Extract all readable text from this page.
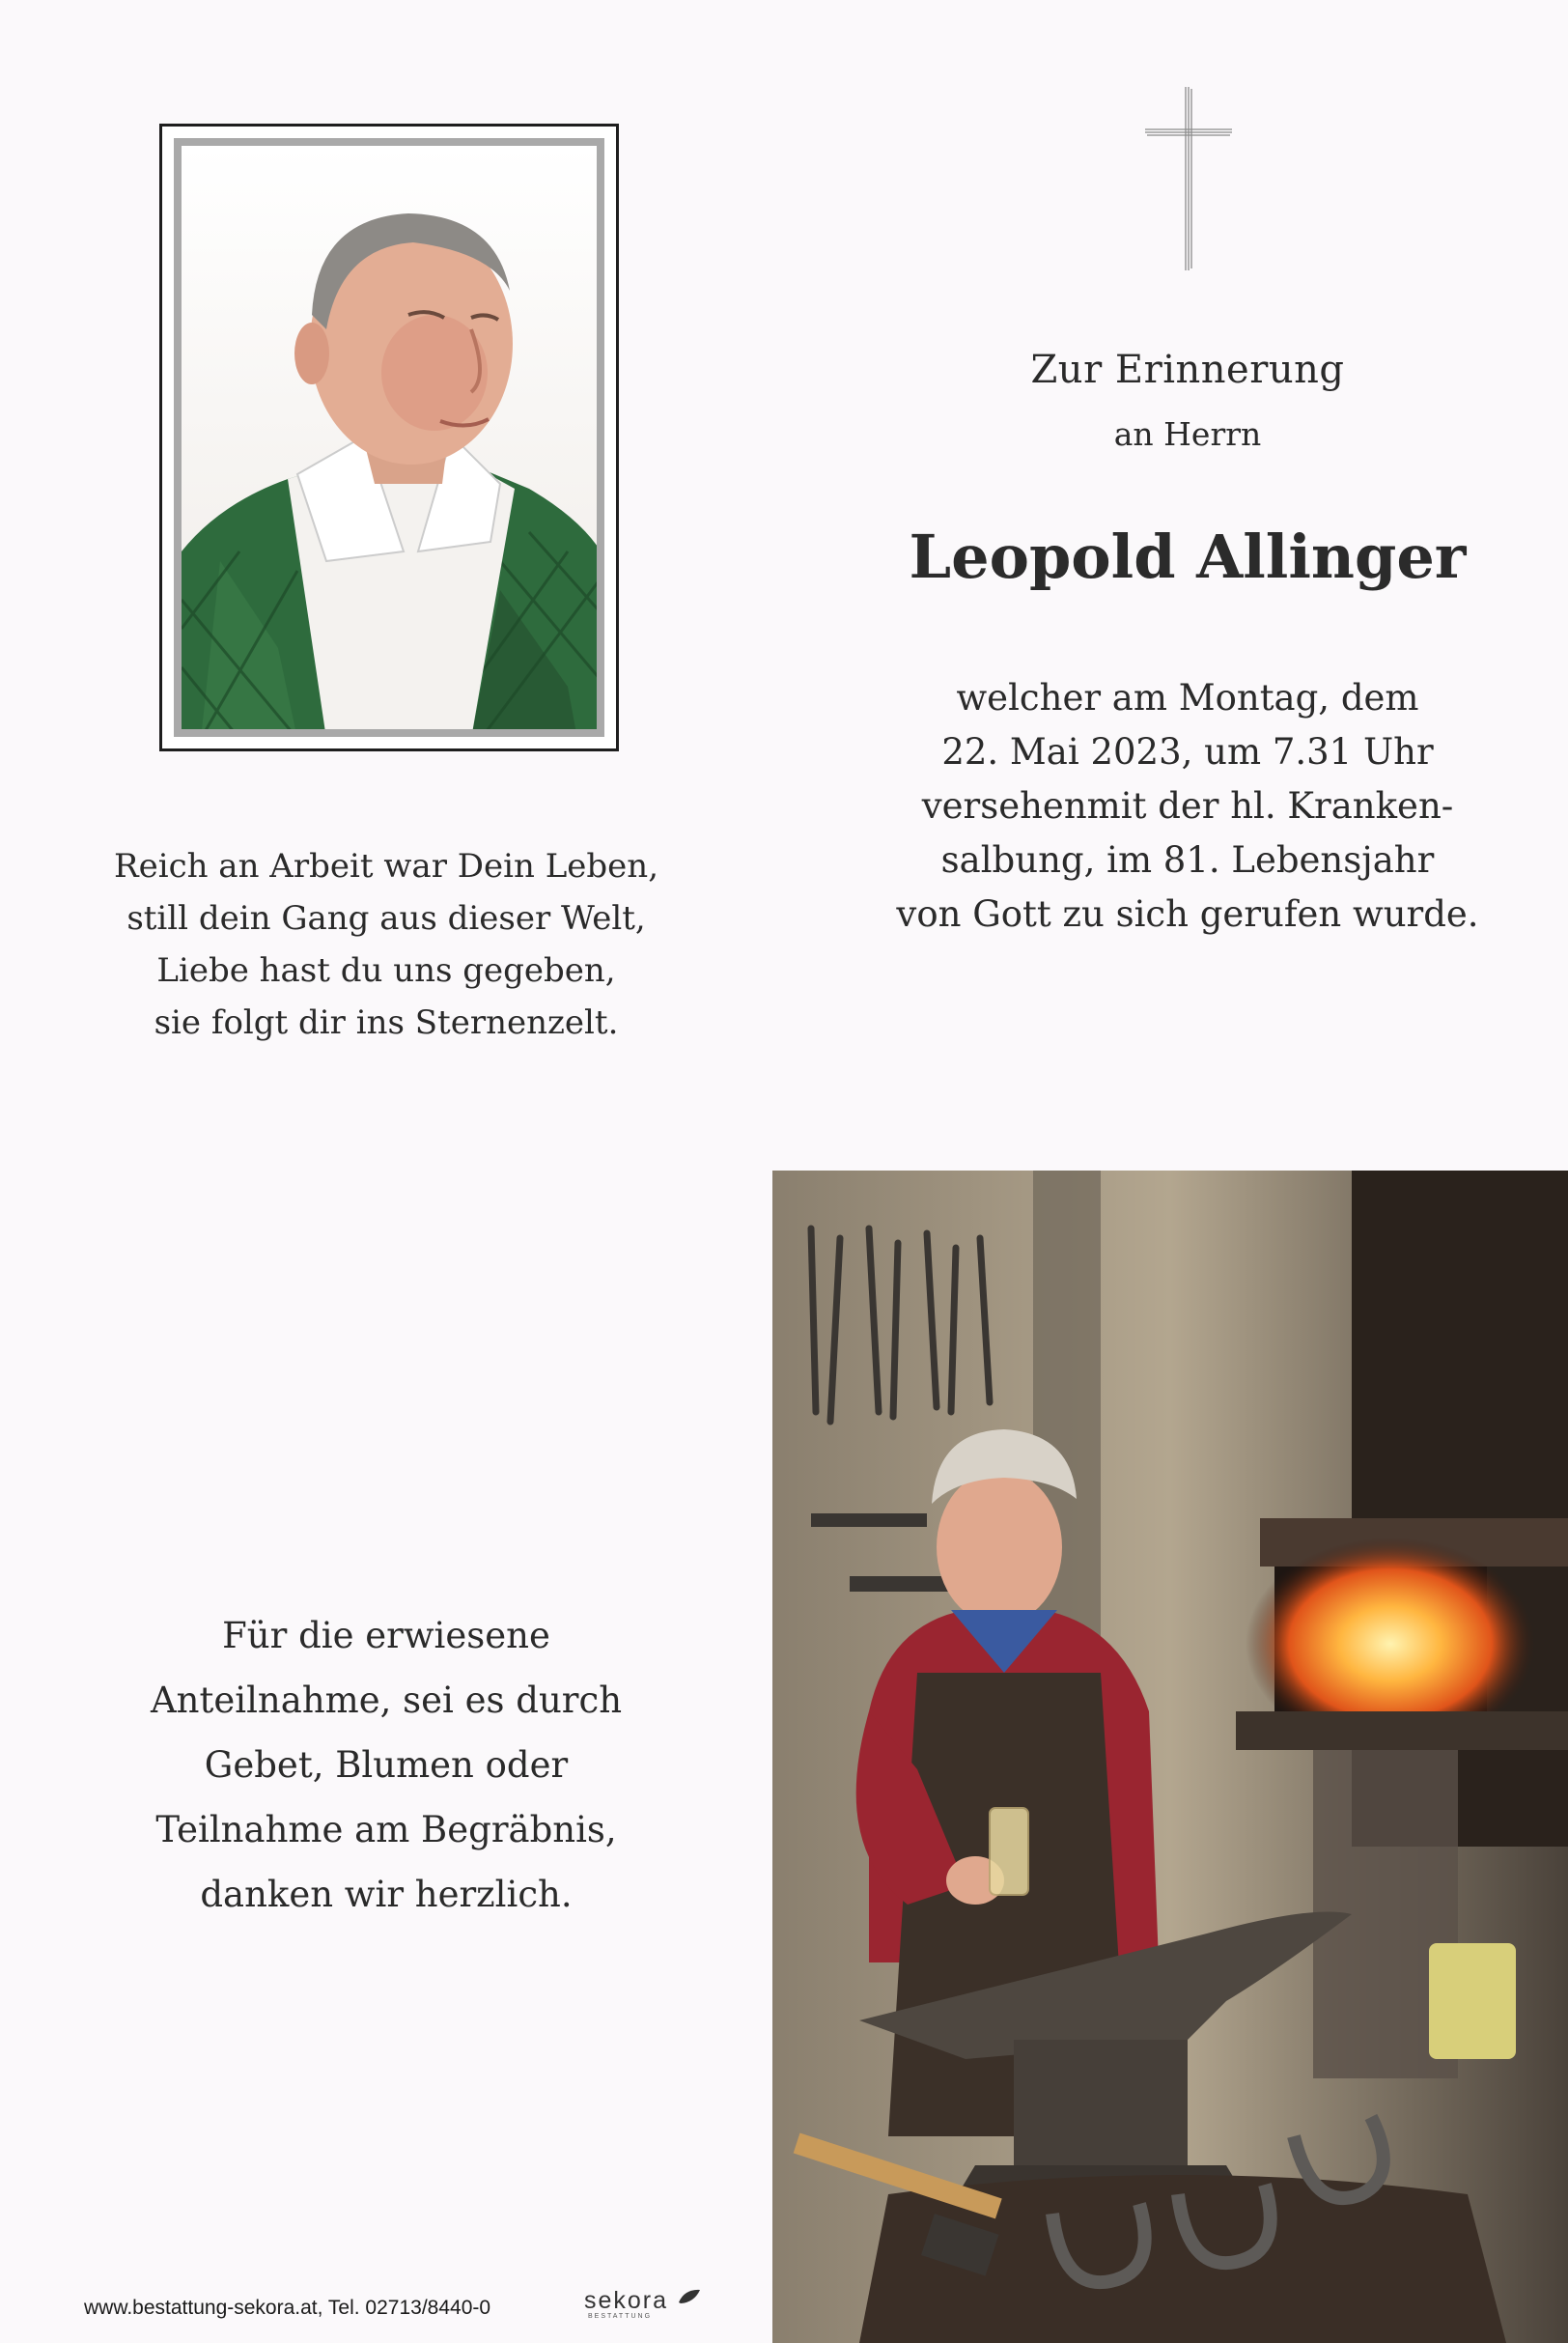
Zur Erinnerung
an Herrn
Leopold Allinger
welcher am Montag, dem
22. Mai 2023, um 7.31 Uhr
versehenmit der hl. Kranken-
salbung, im 81. Lebensjahr
von Gott zu sich gerufen wurde.
Reich an Arbeit war Dein Leben,
still dein Gang aus dieser Welt,
Liebe hast du uns gegeben,
sie folgt dir ins Sternenzelt.
Für die erwiesene
Anteilnahme, sei es durch
Gebet, Blumen oder
Teilnahme am Begräbnis,
danken wir herzlich.
www.bestattung-sekora.at, Tel. 02713/8440-0	sekora
BESTATTUNG
